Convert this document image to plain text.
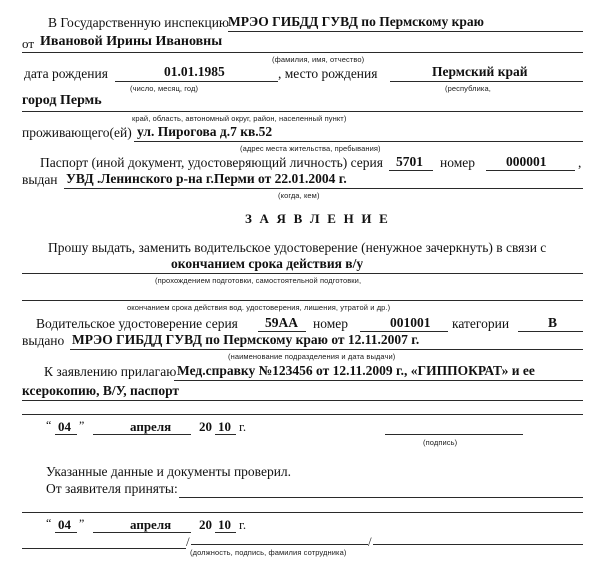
В Государственную инспекцию МРЭО ГИБДД ГУВД по Пермскому краю
от Ивановой Ирины Ивановны
(фамилия, имя, отчество)
дата рождения	01.01.1985
(число, месяц, год)
, место рождения	Пермский край
(республика,
город Пермь
край, область, автономный округ, район, населенный пункт)
проживающего(ей) ул. Пирогова д.7 кв.52
(адрес места жительства, пребывания)
Паспорт (иной документ, удостоверяющий личность) серия 5701 номер 000001 ,
выдан УВД .Ленинского р-на г.Перми от 22.01.2004 г.
(когда, кем)
З А Я В Л Е Н И Е
Прошу выдать, заменить водительское удостоверение (ненужное зачеркнуть) в связи с
окончанием срока действия в/у
(прохождением подготовки, самостоятельной подготовки,
окончанием срока действия вод. удостоверения, лишения, утратой и др.)
Водительское удостоверение серия 59АА номер	001001 категории	В
выдано МРЭО ГИБДД ГУВД по Пермскому краю от 12.11.2007 г.
(наименование подразделения и дата выдачи)
К заявлению прилагаю Мед.справку №123456 от 12.11.2009 г., «ГИППОКРАТ» и ее
ксерокопию, В/У, паспорт
“ 04 ”	апреля 20 10 г.
(подпись)
Указанные данные и документы проверил.
От заявителя приняты:
“ 04 ”	апреля 20 10 г.
/	/
(должность, подпись, фамилия сотрудника)
